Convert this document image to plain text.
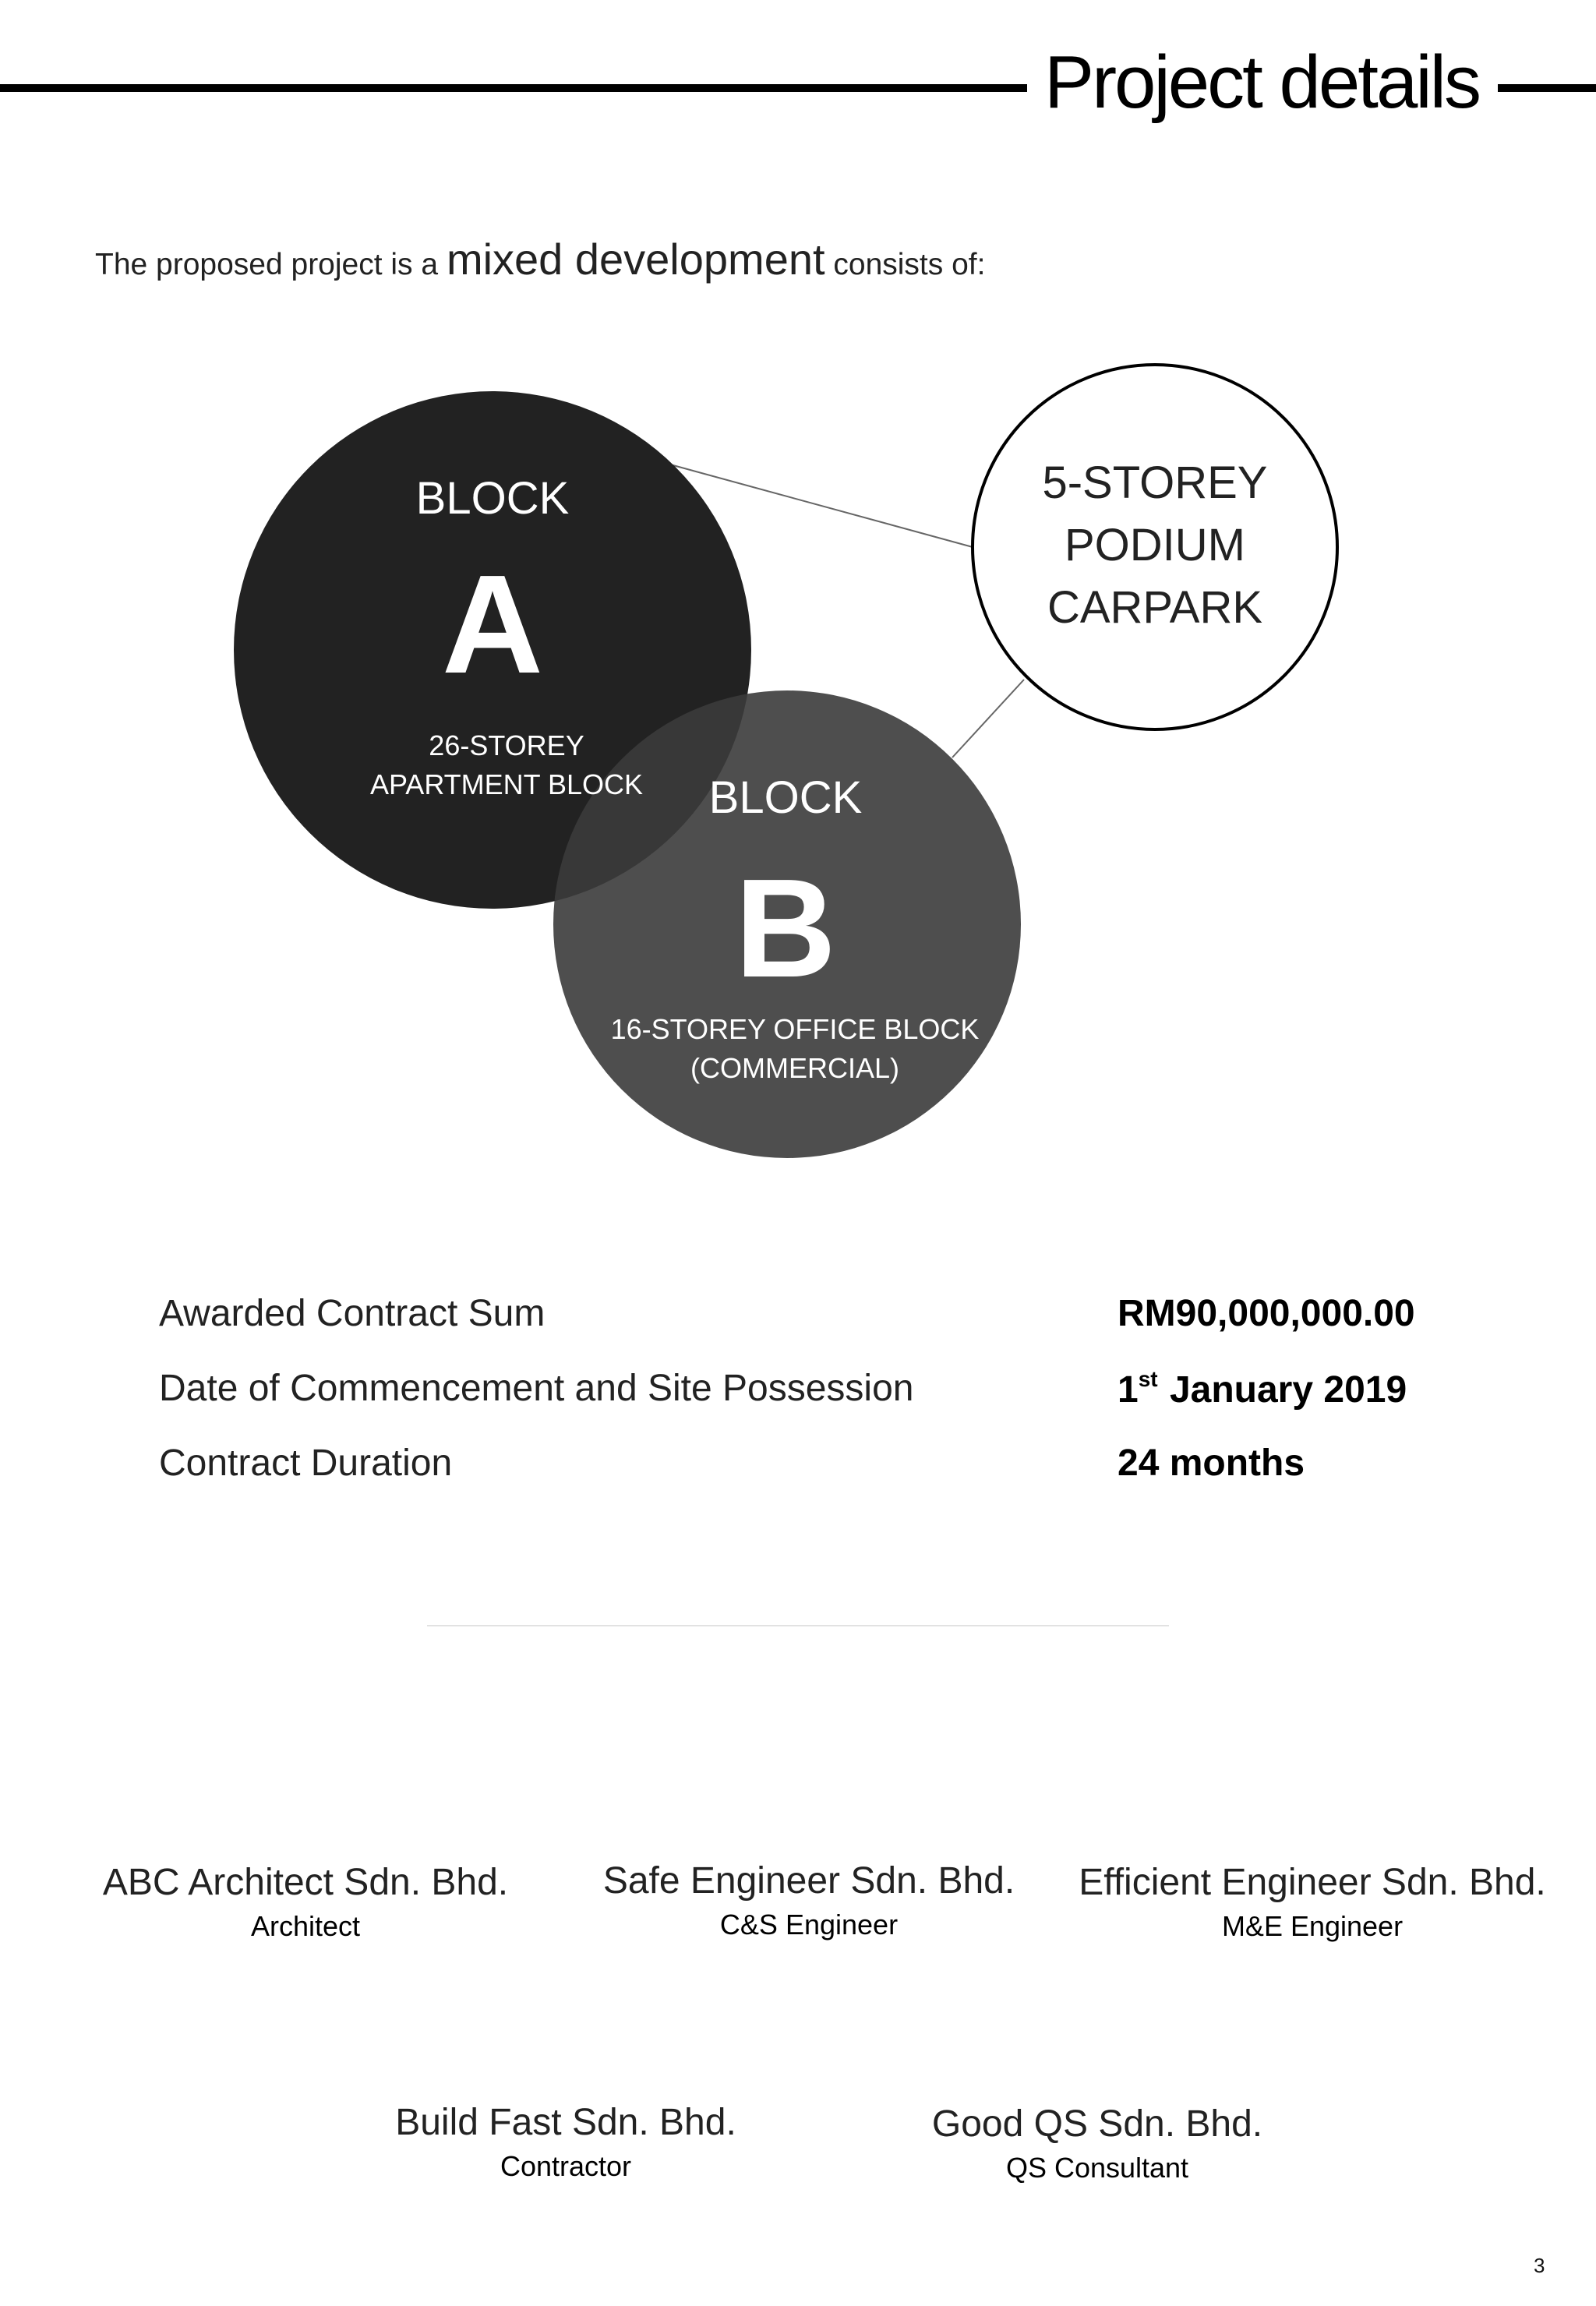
Project details
The proposed project is a mixed development consists of:
BLOCK
A
26-STOREY
APARTMENT BLOCK	BLOCK
B
16-STOREY OFFICE BLOCK
(COMMERCIAL)
5-STOREY
PODIUM
CARPARK
Awarded Contract Sum	RM90,000,000.00
Date of Commencement and Site Possession	1st January 2019
Contract Duration	24 months
ABC Architect Sdn. Bhd.
Architect
Safe Engineer Sdn. Bhd.
C&S Engineer
Efficient Engineer Sdn. Bhd.
M&E Engineer
Build Fast Sdn. Bhd.
Contractor
Good QS Sdn. Bhd.
QS Consultant
3
